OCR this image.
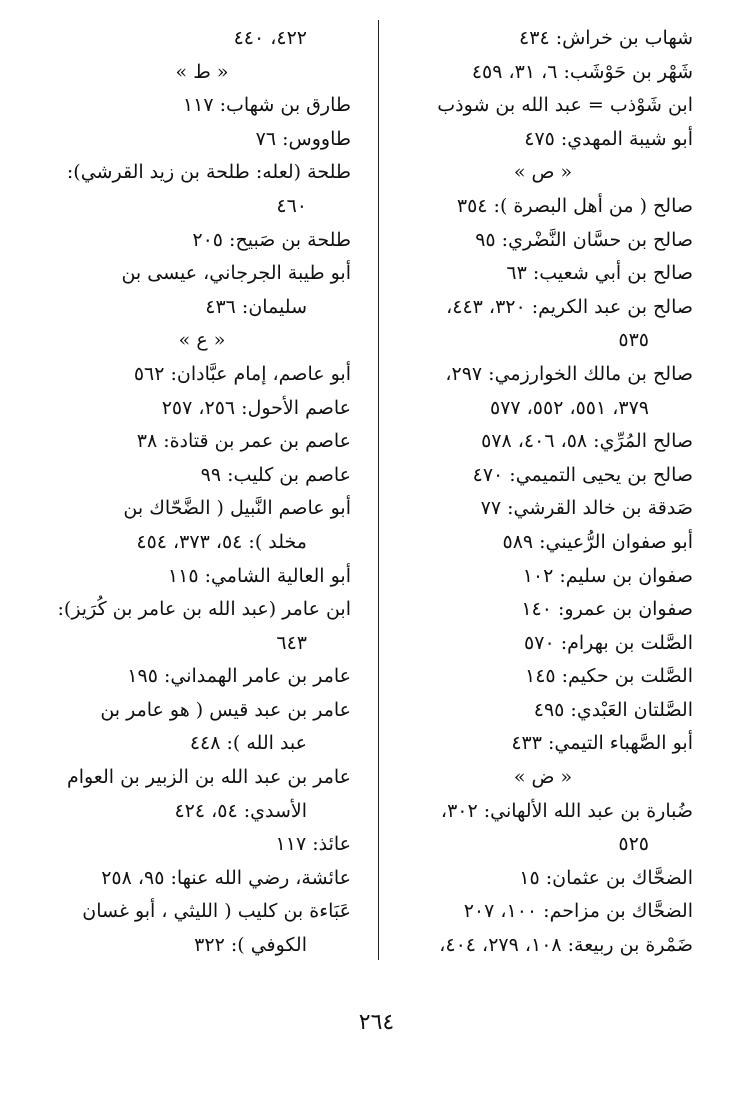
شهاب بن خراش: ٤٣٤
شَهْر بن حَوْشَب: ٦، ٣١، ٤٥٩
ابن شَوْذب = عبد الله بن شوذب
أبو شيبة المهدي: ٤٧٥
« ص »
صالح ( من أهل البصرة ): ٣٥٤
صالح بن حسَّان النَّضْري: ٩٥
صالح بن أبي شعيب: ٦٣
صالح بن عبد الكريم: ٣٢٠، ٤٤٣،
٥٣٥
صالح بن مالك الخوارزمي: ٢٩٧،
٣٧٩، ٥٥١، ٥٥٢، ٥٧٧
صالح المُرِّي: ٥٨، ٤٠٦، ٥٧٨
صالح بن يحيى التميمي: ٤٧٠
صَدقة بن خالد القرشي: ٧٧
أبو صفوان الرُّعيني: ٥٨٩
صفوان بن سليم: ١٠٢
صفوان بن عمرو: ١٤٠
الصَّلت بن بهرام: ٥٧٠
الصَّلت بن حكيم: ١٤٥
الصَّلتان العَبْدي: ٤٩٥
أبو الصَّهباء التيمي: ٤٣٣
« ض »
ضُبارة بن عبد الله الألهاني: ٣٠٢،
٥٢٥
الضحَّاك بن عثمان: ١٥
الضحَّاك بن مزاحم: ١٠٠، ٢٠٧
ضَمْرة بن ربيعة: ١٠٨، ٢٧٩، ٤٠٤،
٤٢٢، ٤٤٠
« ط »
طارق بن شهاب: ١١٧
طاووس: ٧٦
طلحة (لعله: طلحة بن زيد القرشي):
٤٦٠
طلحة بن صَبيح: ٢٠٥
أبو طيبة الجرجاني، عيسى بن
سليمان: ٤٣٦
« ع »
أبو عاصم، إمام عبَّادان: ٥٦٢
عاصم الأحول: ٢٥٦، ٢٥٧
عاصم بن عمر بن قتادة: ٣٨
عاصم بن كليب: ٩٩
أبو عاصم النَّبيل ( الضَّحّاك بن
مخلد ): ٥٤، ٣٧٣، ٤٥٤
أبو العالية الشامي: ١١٥
ابن عامر (عبد الله بن عامر بن كُرَيز):
٦٤٣
عامر بن عامر الهمداني: ١٩٥
عامر بن عبد قيس ( هو عامر بن
عبد الله ): ٤٤٨
عامر بن عبد الله بن الزبير بن العوام
الأسدي: ٥٤، ٤٢٤
عائذ: ١١٧
عائشة، رضي الله عنها: ٩٥، ٢٥٨
عَبَاءة بن كليب ( الليثي ، أبو غسان
الكوفي ): ٣٢٢
٢٦٤
